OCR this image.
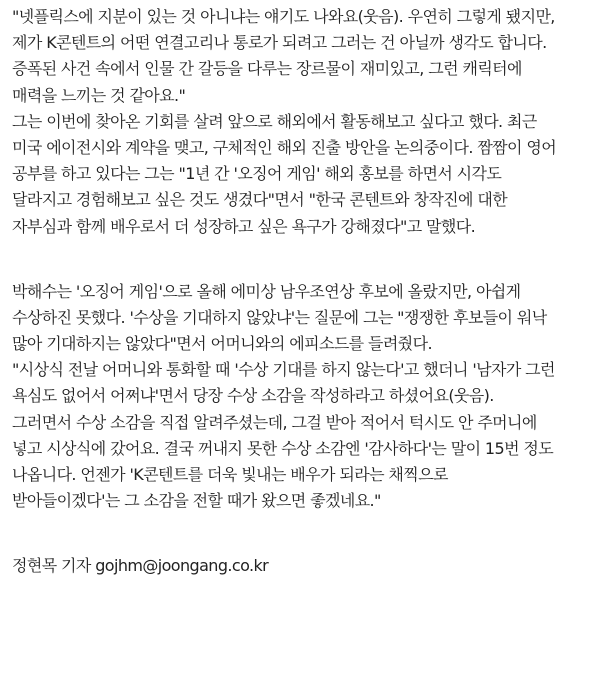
"넷플릭스에 지분이 있는 것 아니냐는 얘기도 나와요(웃음). 우연히 그렇게 됐지만,
제가 K콘텐트의 어떤 연결고리나 통로가 되려고 그러는 건 아닐까 생각도 합니다.
증폭된 사건 속에서 인물 간 갈등을 다루는 장르물이 재미있고, 그런 캐릭터에
매력을 느끼는 것 같아요."
그는 이번에 찾아온 기회를 살려 앞으로 해외에서 활동해보고 싶다고 했다. 최근
미국 에이전시와 계약을 맺고, 구체적인 해외 진출 방안을 논의중이다. 짬짬이 영어
공부를 하고 있다는 그는 "1년 간 '오징어 게임' 해외 홍보를 하면서 시각도
달라지고 경험해보고 싶은 것도 생겼다"면서 "한국 콘텐트와 창작진에 대한
자부심과 함께 배우로서 더 성장하고 싶은 욕구가 강해졌다"고 말했다.
박해수는 '오징어 게임'으로 올해 에미상 남우조연상 후보에 올랐지만, 아쉽게
수상하진 못했다. '수상을 기대하지 않았냐'는 질문에 그는 "쟁쟁한 후보들이 워낙
많아 기대하지는 않았다"면서 어머니와의 에피소드를 들려줬다.
"시상식 전날 어머니와 통화할 때 '수상 기대를 하지 않는다'고 했더니 '남자가 그런
욕심도 없어서 어쩌냐'면서 당장 수상 소감을 작성하라고 하셨어요(웃음).
그러면서 수상 소감을 직접 알려주셨는데, 그걸 받아 적어서 턱시도 안 주머니에
넣고 시상식에 갔어요. 결국 꺼내지 못한 수상 소감엔 '감사하다'는 말이 15번 정도
나옵니다. 언젠가 'K콘텐트를 더욱 빛내는 배우가 되라는 채찍으로
받아들이겠다'는 그 소감을 전할 때가 왔으면 좋겠네요."
정현목 기자 gojhm@joongang.co.kr
